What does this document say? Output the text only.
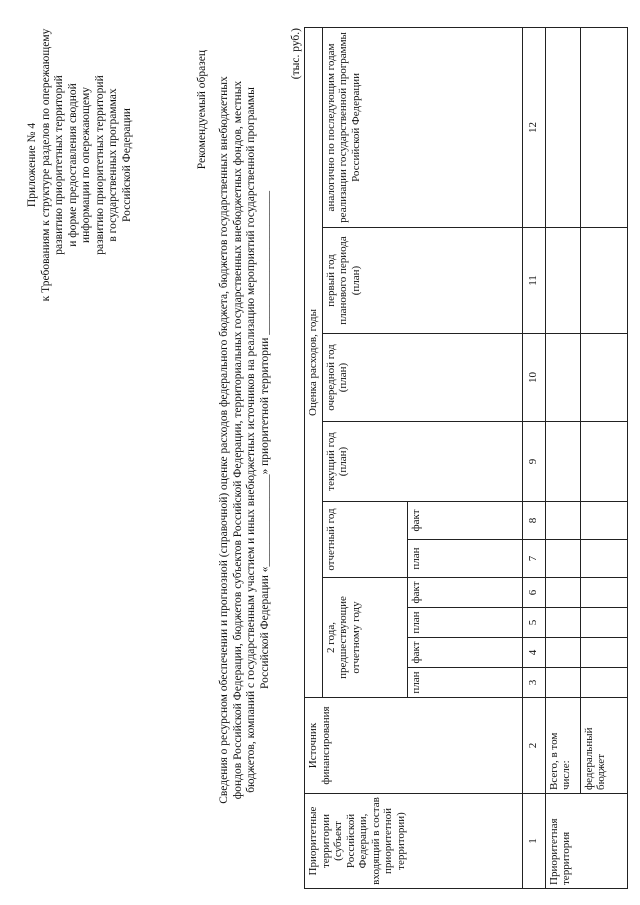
Приложение № 4 к Требованиям к структуре разделов по опережающему развитию приоритетных территорий и форме предоставления сводной информации по опережающему развитию приоритетных территорий в государственных программах Российской Федерации	Рекомендуемый образец Сведения о ресурсном обеспечении и прогнозной (справочной) оценке расходов федерального бюджета, бюджетов государственных внебюджетных фондов Российской Федерации, бюджетов субъектов Российской Федерации, территориальных государственных внебюджетных фондов, местных бюджетов, компаний с государственным участием и иных внебюджетных источников на реализацию мероприятий государственной программы Российской Федерации «________________» приоритетной территории _________________________
(тыс. руб.)
Приоритетные территории (субъект Российской Федерации, входящий в состав приоритетной территории)	Источник финансирования	Оценка расходов, годы									
		2 года, предшествующие отчетному году				отчетный год		текущий год (план)	очередной год (план)	первый год планового периода (план)	аналогично по последующим годам реализации государственной программы Российской Федерации
		план	факт	план	факт	план	факт				
1	2	3	4	5	6	7	8	9	10	11	12
Приоритетная территория	Всего, в том числе:										
	федеральный бюджет										
